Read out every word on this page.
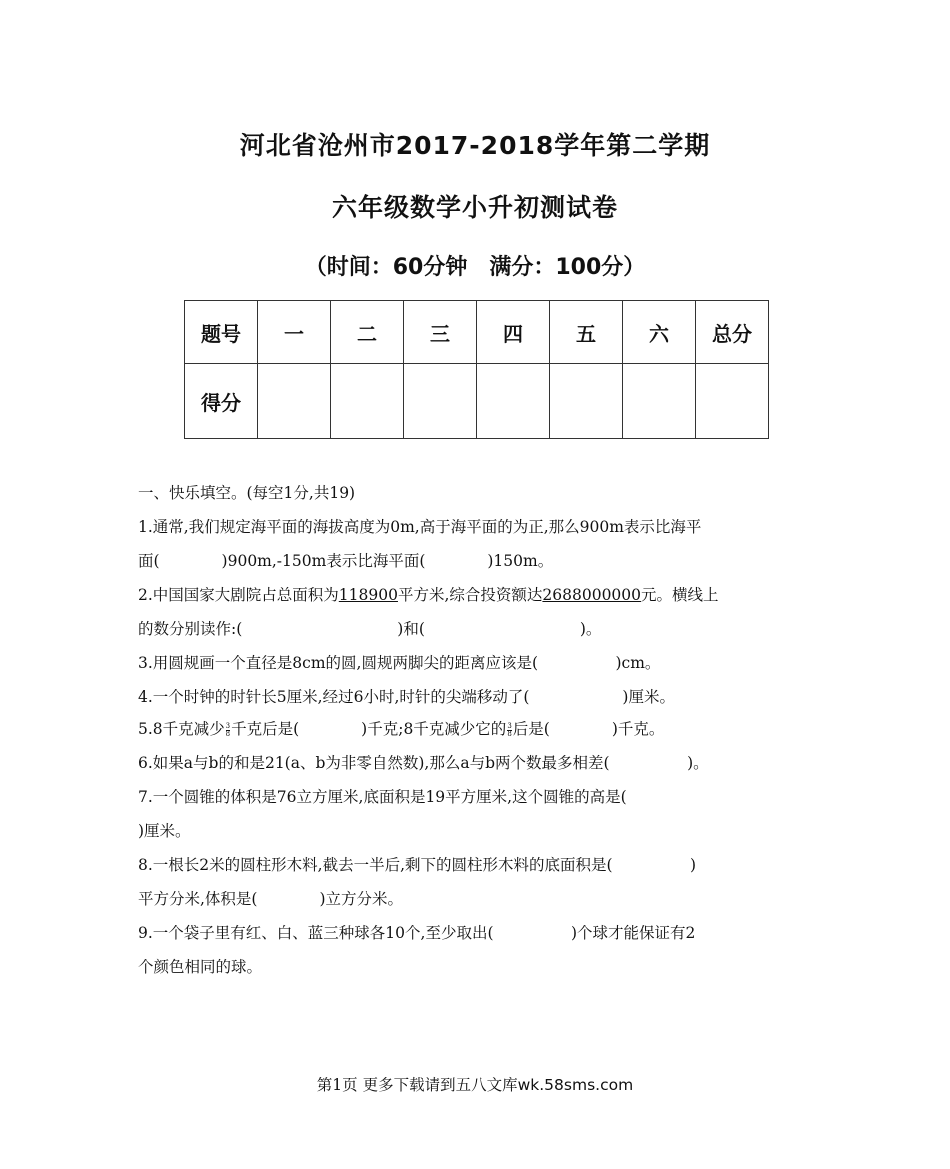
河北省沧州市2017-2018学年第二学期
六年级数学小升初测试卷
（时间：60分钟　满分：100分）
题号	一	二	三	四	五	六	总分
得分							
一、快乐填空。(每空1分,共19)
1.通常,我们规定海平面的海拔高度为0m,高于海平面的为正,那么900m表示比海平
面(　　　　)900m,-150m表示比海平面(　　　　)150m。
2.中国国家大剧院占总面积为118900平方米,综合投资额达2688000000元。横线上
的数分别读作:(　　　　　　　　　　)和(　　　　　　　　　　)。
3.用圆规画一个直径是8cm的圆,圆规两脚尖的距离应该是(　　　　　)cm。
4.一个时钟的时针长5厘米,经过6小时,时针的尖端移动了(　　　　　　)厘米。
5.8千克减少 $\frac{3}{8}$ 千克后是(　　　　)千克;8千克减少它的 $\frac{3}{8}$ 后是(　　　　)千克。
6.如果a与b的和是21(a、b为非零自然数),那么a与b两个数最多相差(　　　　　)。
7.一个圆锥的体积是76立方厘米,底面积是19平方厘米,这个圆锥的高是(
)厘米。
8.一根长2米的圆柱形木料,截去一半后,剩下的圆柱形木料的底面积是(　　　　　)
平方分米,体积是(　　　　)立方分米。
9.一个袋子里有红、白、蓝三种球各10个,至少取出(　　　　　)个球才能保证有2
个颜色相同的球。
第1页 更多下载请到五八文库wk.58sms.com
